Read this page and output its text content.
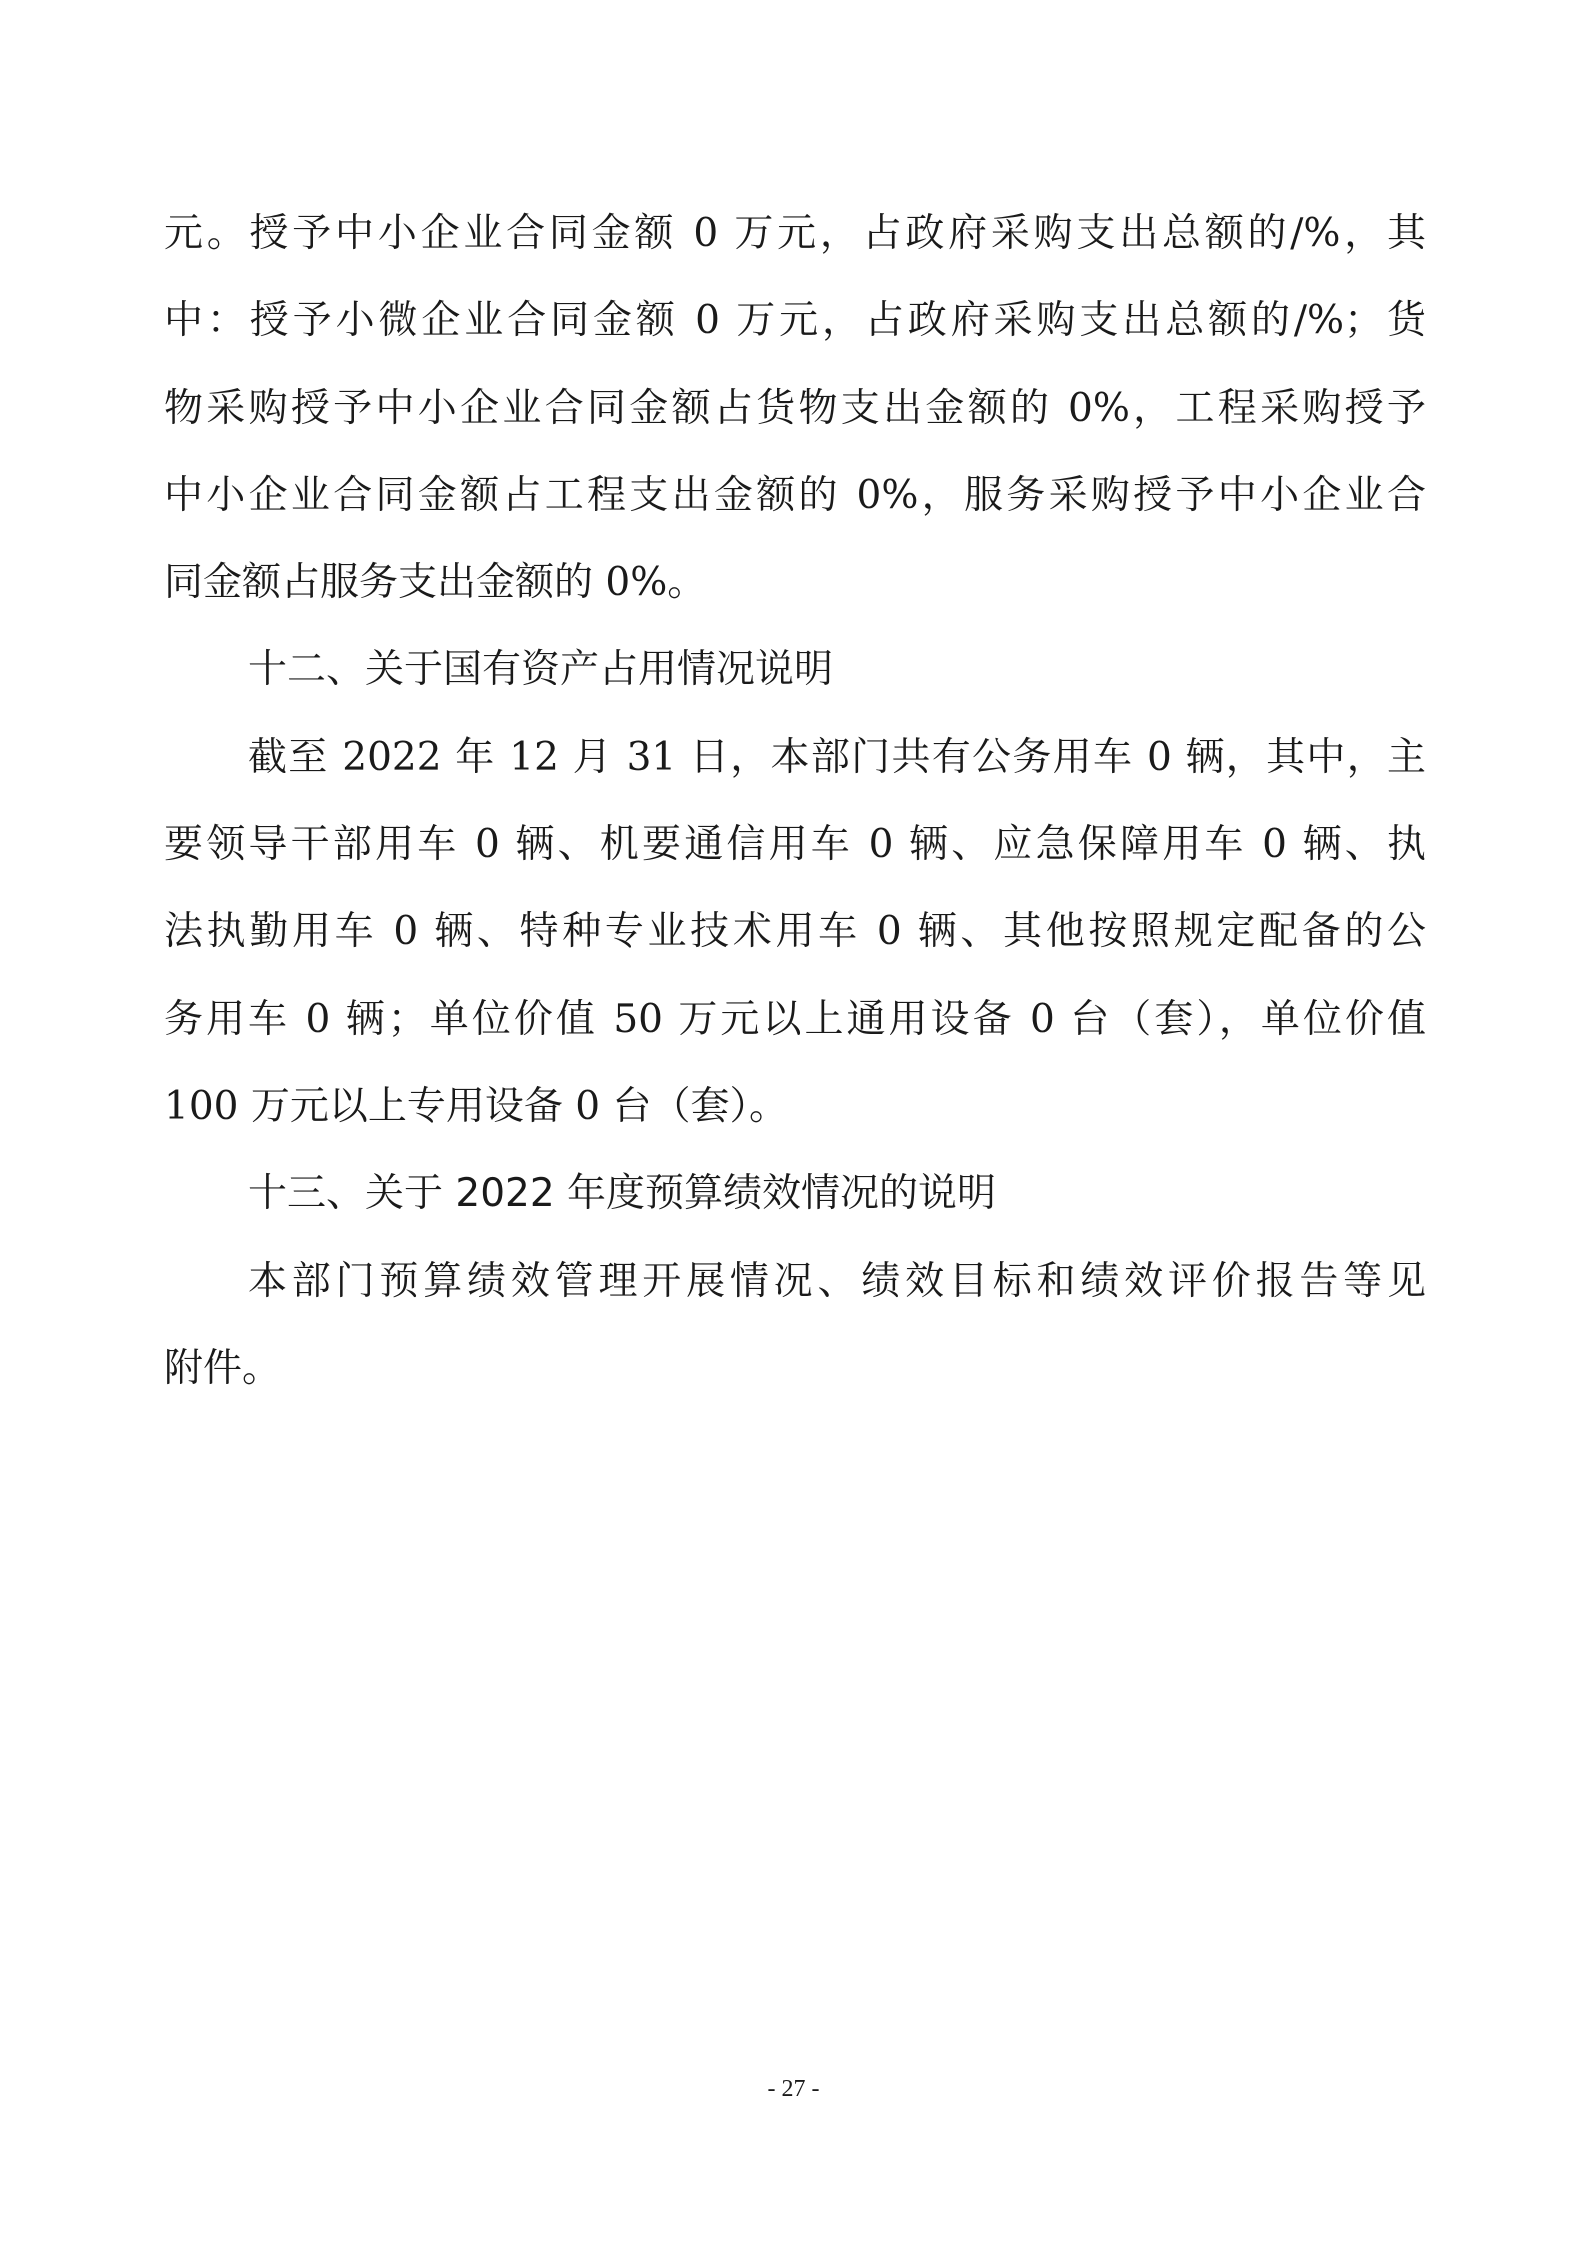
元。授予中小企业合同金额 0 万元，占政府采购支出总额的/%，其
中：授予小微企业合同金额 0 万元，占政府采购支出总额的/%；货
物采购授予中小企业合同金额占货物支出金额的 0%，工程采购授予
中小企业合同金额占工程支出金额的 0%，服务采购授予中小企业合
同金额占服务支出金额的 0%。
十二、关于国有资产占用情况说明
截至 2022 年 12 月 31 日，本部门共有公务用车 0 辆，其中，主
要领导干部用车 0 辆、机要通信用车 0 辆、应急保障用车 0 辆、执
法执勤用车 0 辆、特种专业技术用车 0 辆、其他按照规定配备的公
务用车 0 辆；单位价值 50 万元以上通用设备 0 台（套），单位价值
100 万元以上专用设备 0 台（套）。
十三、关于 2022 年度预算绩效情况的说明
本部门预算绩效管理开展情况、绩效目标和绩效评价报告等见
附件。
- 27 -
